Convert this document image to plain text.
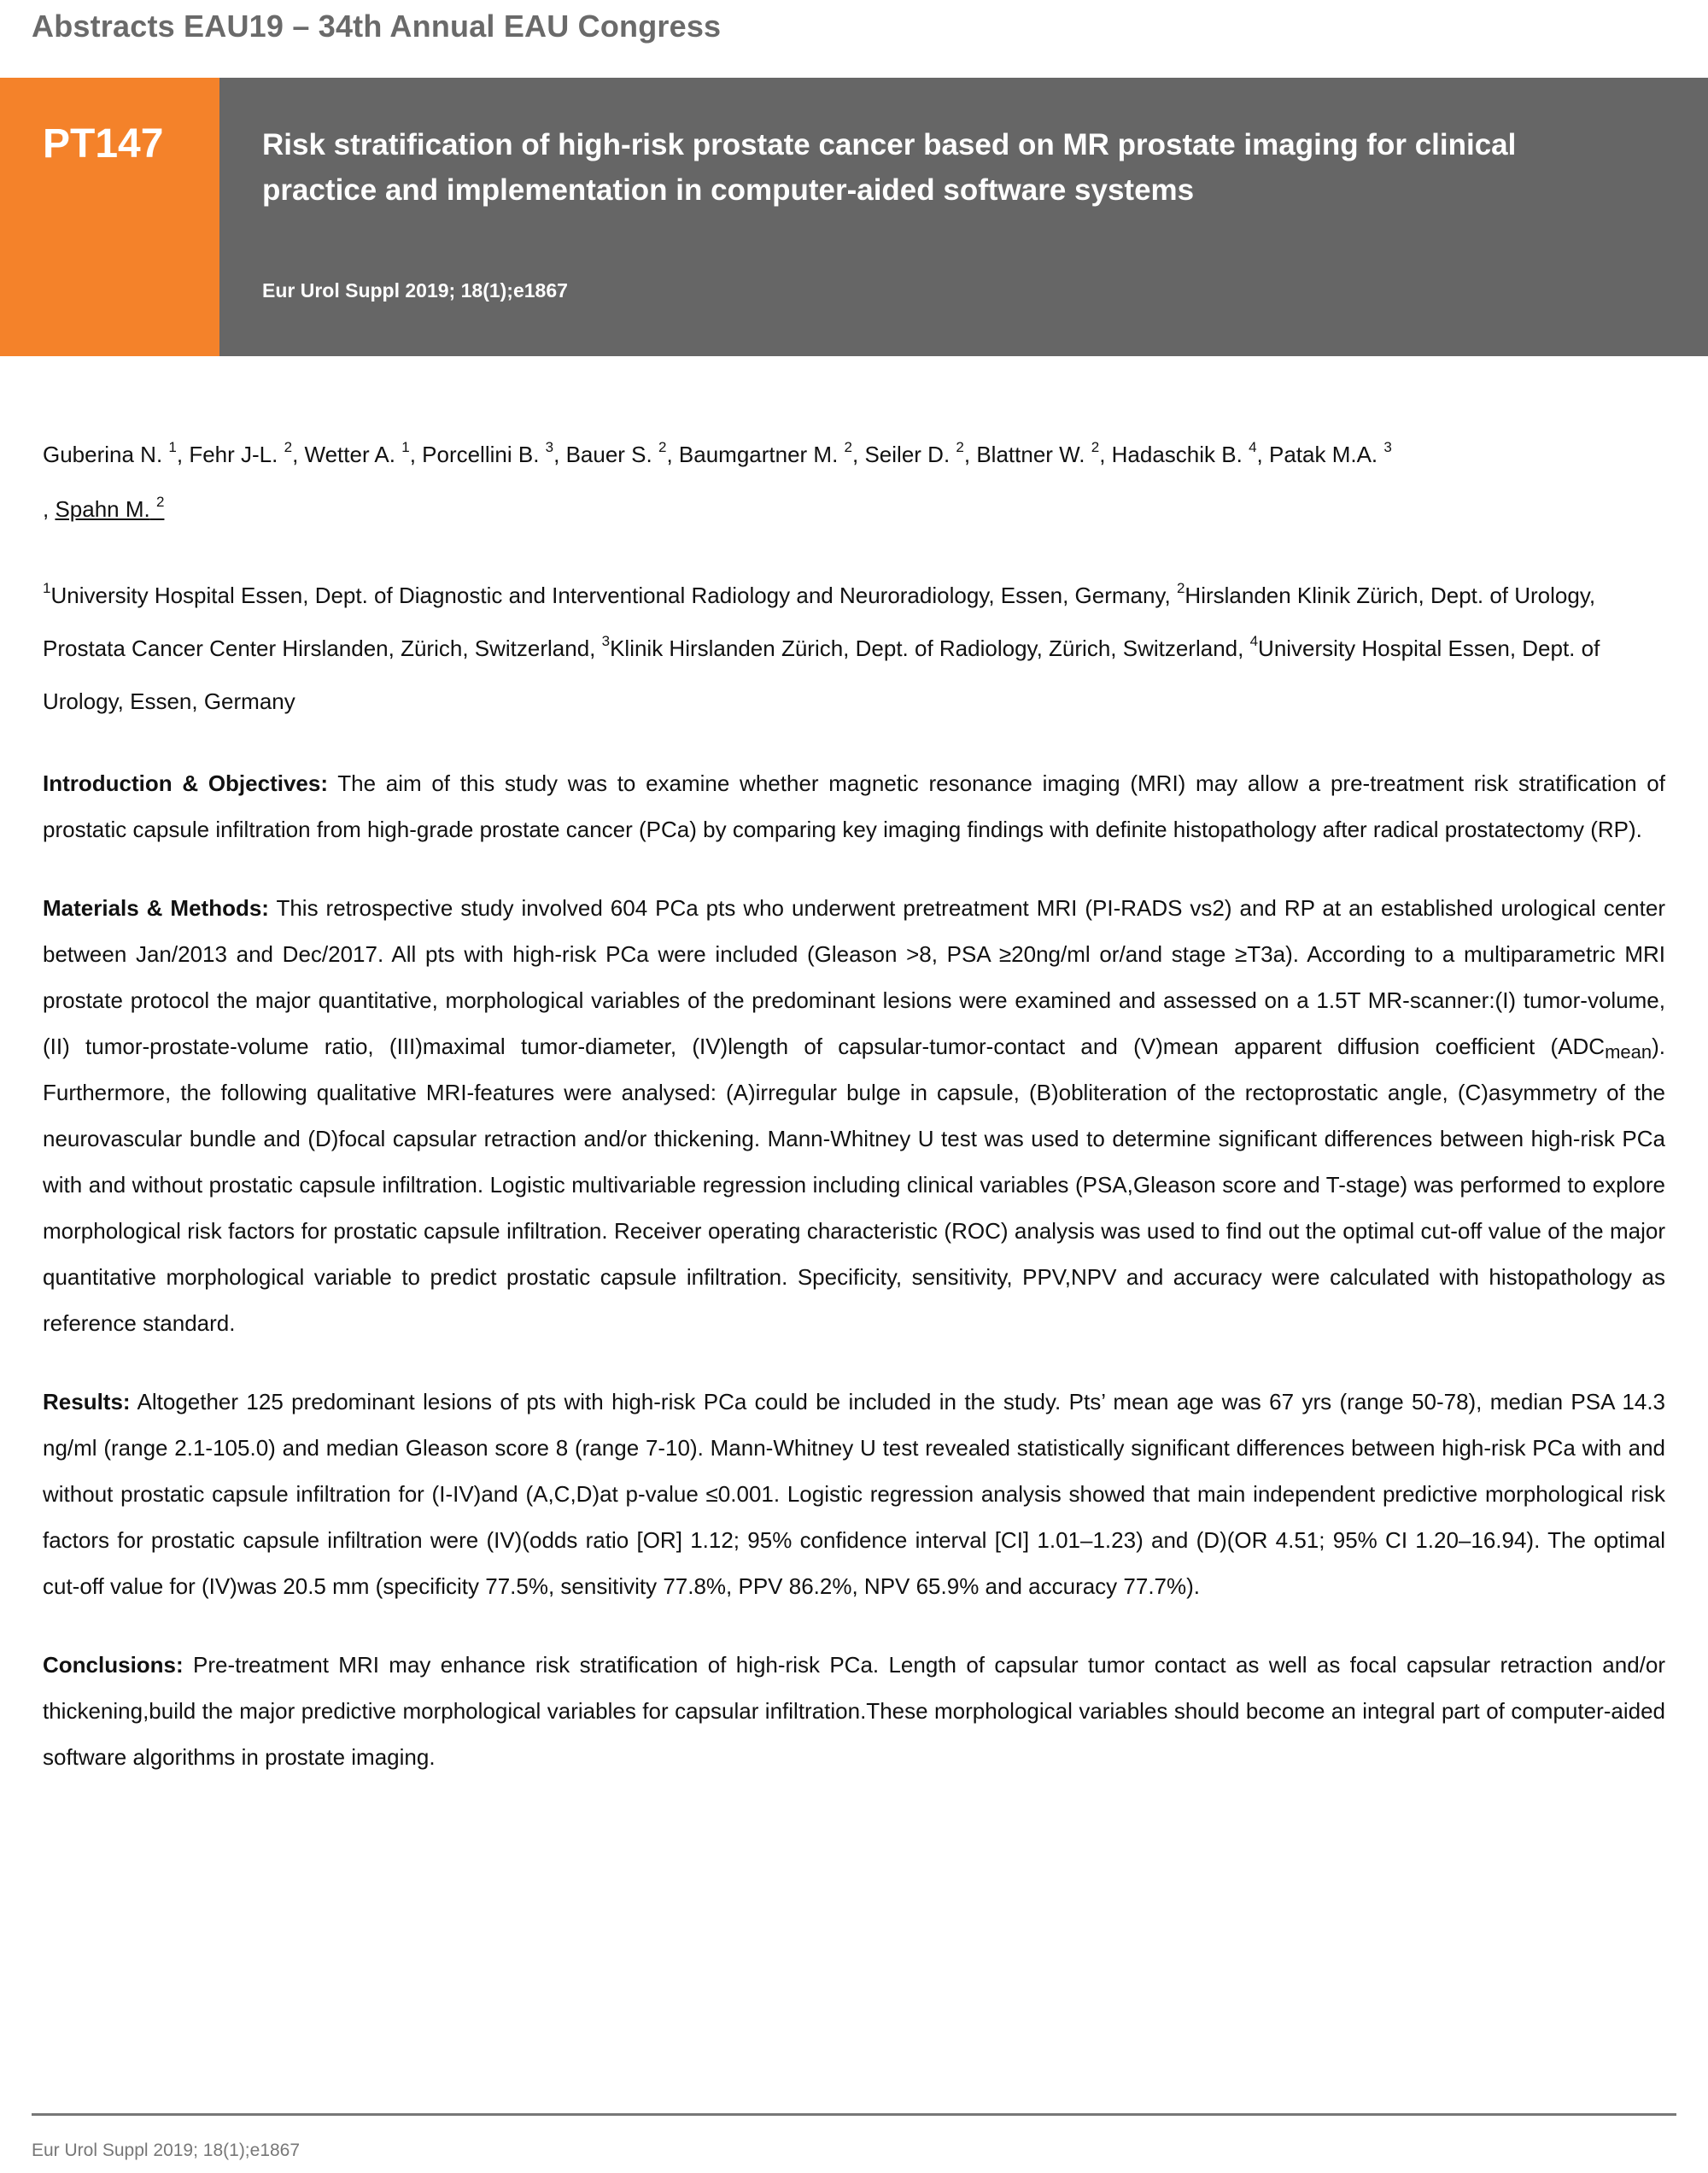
Abstracts EAU19 – 34th Annual EAU Congress
PT147	Risk stratification of high-risk prostate cancer based on MR prostate imaging for clinical practice and implementation in computer-aided software systems
Eur Urol Suppl 2019; 18(1);e1867

Guberina N. $^1$, Fehr J-L. $^2$, Wetter A. $^1$, Porcellini B. $^3$, Bauer S. $^2$, Baumgartner M. $^2$, Seiler D. $^2$, Blattner W. $^2$, Hadaschik B. $^4$, Patak M.A. $^3$
, Spahn M. $^2$

$^1$University Hospital Essen, Dept. of Diagnostic and Interventional Radiology and Neuroradiology, Essen, Germany, $^2$Hirslanden Klinik Zürich, Dept. of Urology, Prostata Cancer Center Hirslanden, Zürich, Switzerland, $^3$Klinik Hirslanden Zürich, Dept. of Radiology, Zürich, Switzerland, $^4$University Hospital Essen, Dept. of Urology, Essen, Germany

Introduction & Objectives: The aim of this study was to examine whether magnetic resonance imaging (MRI) may allow a pre-treatment risk stratification of prostatic capsule infiltration from high-grade prostate cancer (PCa) by comparing key imaging findings with definite histopathology after radical prostatectomy (RP).

Materials & Methods: This retrospective study involved 604 PCa pts who underwent pretreatment MRI (PI-RADS vs2) and RP at an established urological center between Jan/2013 and Dec/2017. All pts with high-risk PCa were included (Gleason >8, PSA ≥20ng/ml or/and stage ≥T3a). According to a multiparametric MRI prostate protocol the major quantitative, morphological variables of the predominant lesions were examined and assessed on a 1.5T MR-scanner:(I) tumor-volume, (II) tumor-prostate-volume ratio, (III)maximal tumor-diameter, (IV)length of capsular-tumor-contact and (V)mean apparent diffusion coefficient $(ADC_{mean})$. Furthermore, the following qualitative MRI-features were analysed: (A)irregular bulge in capsule, (B)obliteration of the rectoprostatic angle, (C)asymmetry of the neurovascular bundle and (D)focal capsular retraction and/or thickening. Mann-Whitney U test was used to determine significant differences between high-risk PCa with and without prostatic capsule infiltration. Logistic multivariable regression including clinical variables (PSA,Gleason score and T-stage) was performed to explore morphological risk factors for prostatic capsule infiltration. Receiver operating characteristic (ROC) analysis was used to find out the optimal cut-off value of the major quantitative morphological variable to predict prostatic capsule infiltration. Specificity, sensitivity, PPV,NPV and accuracy were calculated with histopathology as reference standard.

Results: Altogether 125 predominant lesions of pts with high-risk PCa could be included in the study. Pts’ mean age was 67 yrs (range 50-78), median PSA 14.3 ng/ml (range 2.1-105.0) and median Gleason score 8 (range 7-10). Mann-Whitney U test revealed statistically significant differences between high-risk PCa with and without prostatic capsule infiltration for (I-IV)and (A,C,D)at p-value ≤0.001. Logistic regression analysis showed that main independent predictive morphological risk factors for prostatic capsule infiltration were (IV)(odds ratio [OR] 1.12; 95% confidence interval [CI] 1.01–1.23) and (D)(OR 4.51; 95% CI 1.20–16.94). The optimal cut-off value for (IV)was 20.5 mm (specificity 77.5%, sensitivity 77.8%, PPV 86.2%, NPV 65.9% and accuracy 77.7%).

Conclusions: Pre-treatment MRI may enhance risk stratification of high-risk PCa. Length of capsular tumor contact as well as focal capsular retraction and/or thickening,build the major predictive morphological variables for capsular infiltration.These morphological variables should become an integral part of computer-aided software algorithms in prostate imaging.

Eur Urol Suppl 2019; 18(1);e1867
